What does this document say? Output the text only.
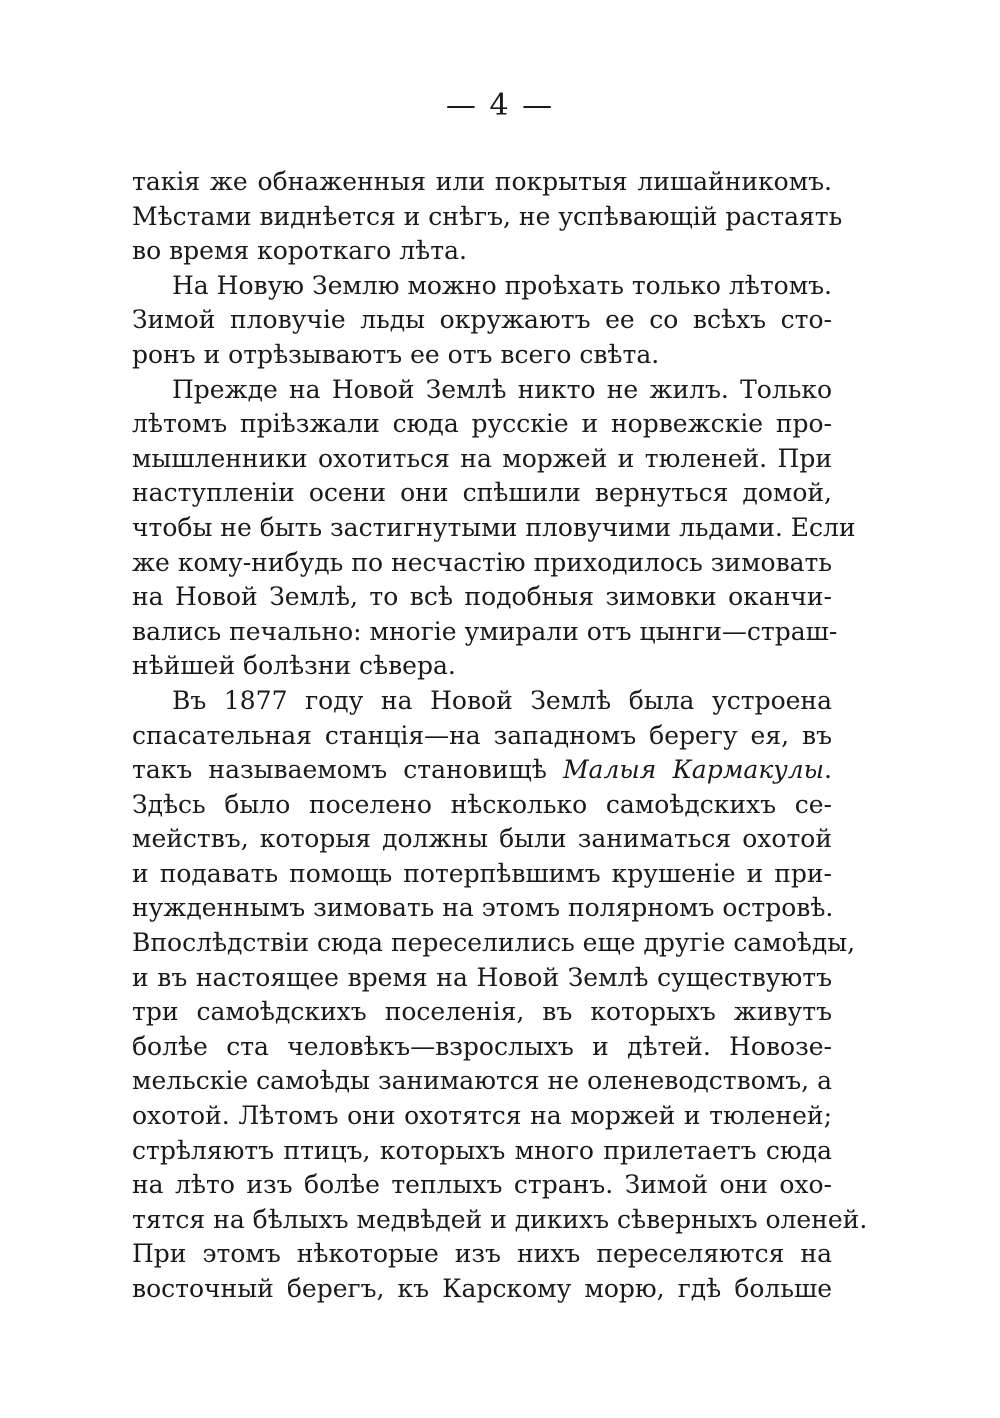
— 4 —
такія же обнаженныя или покрытыя лишайникомъ.
Мѣстами виднѣется и снѣгъ, не успѣвающій растаять
во время короткаго лѣта.
На Новую Землю можно проѣхать только лѣтомъ.
Зимой пловучіе льды окружаютъ ее со всѣхъ сто-
ронъ и отрѣзываютъ ее отъ всего свѣта.
Прежде на Новой Землѣ никто не жилъ. Только
лѣтомъ пріѣзжали сюда русскіе и норвежскіе про-
мышленники охотиться на моржей и тюленей. При
наступленіи осени они спѣшили вернуться домой,
чтобы не быть застигнутыми пловучими льдами. Если
же кому-нибудь по несчастію приходилось зимовать
на Новой Землѣ, то всѣ подобныя зимовки оканчи-
вались печально: многіе умирали отъ цынги—страш-
нѣйшей болѣзни сѣвера.
Въ 1877 году на Новой Землѣ была устроена
спасательная станція—на западномъ берегу ея, въ
такъ называемомъ становищѣ Малыя Кармакулы.
Здѣсь было поселено нѣсколько самоѣдскихъ се-
мействъ, которыя должны были заниматься охотой
и подавать помощь потерпѣвшимъ крушеніе и при-
нужденнымъ зимовать на этомъ полярномъ островѣ.
Впослѣдствіи сюда переселились еще другіе самоѣды,
и въ настоящее время на Новой Землѣ существуютъ
три самоѣдскихъ поселенія, въ которыхъ живутъ
болѣе ста человѣкъ—взрослыхъ и дѣтей. Новозе-
мельскіе самоѣды занимаются не оленеводствомъ, а
охотой. Лѣтомъ они охотятся на моржей и тюленей;
стрѣляютъ птицъ, которыхъ много прилетаетъ сюда
на лѣто изъ болѣе теплыхъ странъ. Зимой они охо-
тятся на бѣлыхъ медвѣдей и дикихъ сѣверныхъ оленей.
При этомъ нѣкоторые изъ нихъ переселяются на
восточный берегъ, къ Карскому морю, гдѣ больше
